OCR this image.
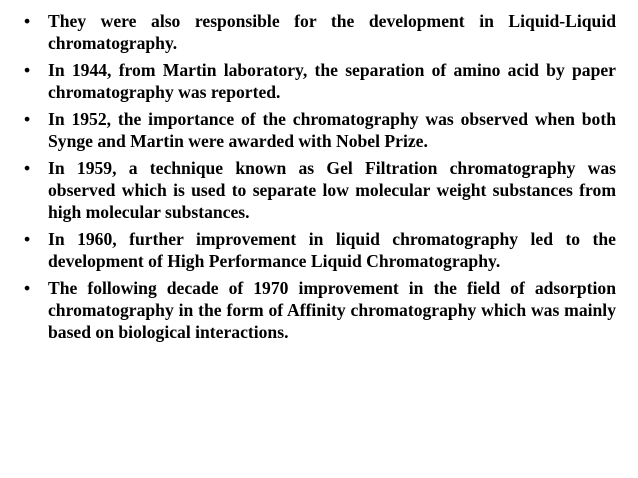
• They were also responsible for the development in Liquid-Liquid chromatography.
• In 1944, from Martin laboratory, the separation of amino acid by paper chromatography was reported.
• In 1952, the importance of the chromatography was observed when both Synge and Martin were awarded with Nobel Prize.
• In 1959, a technique known as Gel Filtration chromatography was observed which is used to separate low molecular weight substances from high molecular substances.
• In 1960, further improvement in liquid chromatography led to the development of High Performance Liquid Chromatography.
• The following decade of 1970 improvement in the field of adsorption chromatography in the form of Affinity chromatography which was mainly based on biological interactions.
